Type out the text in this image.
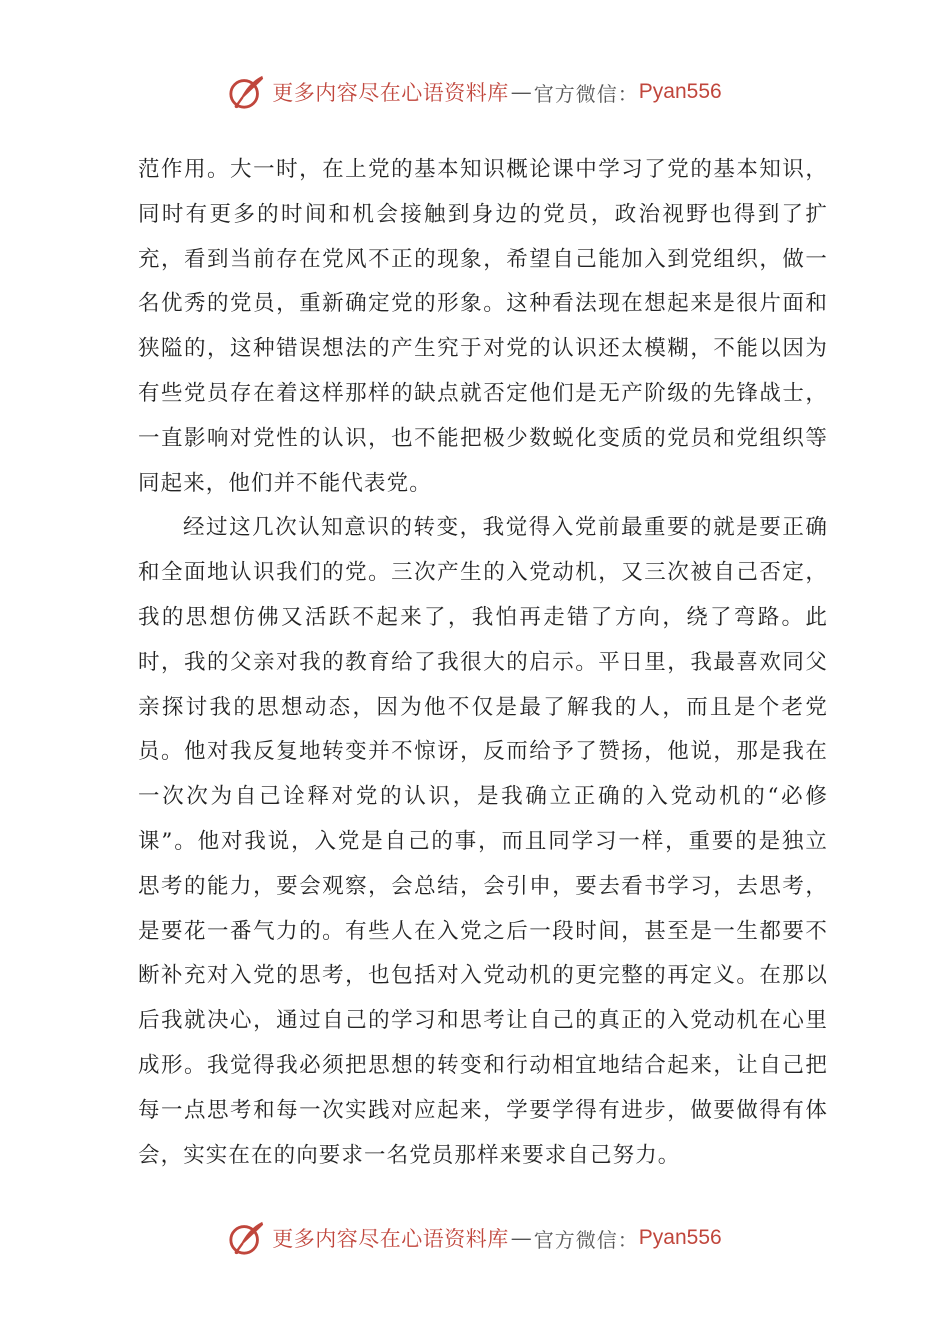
更多内容尽在心语资料库 — 官方微信： Pyan556

范作用。大一时，在上党的基本知识概论课中学习了党的基本知识，同时有更多的时间和机会接触到身边的党员，政治视野也得到了扩充，看到当前存在党风不正的现象，希望自己能加入到党组织，做一名优秀的党员，重新确定党的形象。这种看法现在想起来是很片面和狭隘的，这种错误想法的产生究于对党的认识还太模糊，不能以因为有些党员存在着这样那样的缺点就否定他们是无产阶级的先锋战士，一直影响对党性的认识，也不能把极少数蜕化变质的党员和党组织等同起来，他们并不能代表党。

经过这几次认知意识的转变，我觉得入党前最重要的就是要正确和全面地认识我们的党。三次产生的入党动机，又三次被自己否定，我的思想仿佛又活跃不起来了，我怕再走错了方向，绕了弯路。此时，我的父亲对我的教育给了我很大的启示。平日里，我最喜欢同父亲探讨我的思想动态，因为他不仅是最了解我的人，而且是个老党员。他对我反复地转变并不惊讶，反而给予了赞扬，他说，那是我在一次次为自己诠释对党的认识，是我确立正确的入党动机的“必修课”。他对我说，入党是自己的事，而且同学习一样，重要的是独立思考的能力，要会观察，会总结，会引申，要去看书学习，去思考，是要花一番气力的。有些人在入党之后一段时间，甚至是一生都要不断补充对入党的思考，也包括对入党动机的更完整的再定义。在那以后我就决心，通过自己的学习和思考让自己的真正的入党动机在心里成形。我觉得我必须把思想的转变和行动相宜地结合起来，让自己把每一点思考和每一次实践对应起来，学要学得有进步，做要做得有体会，实实在在的向要求一名党员那样来要求自己努力。

更多内容尽在心语资料库 — 官方微信： Pyan556
